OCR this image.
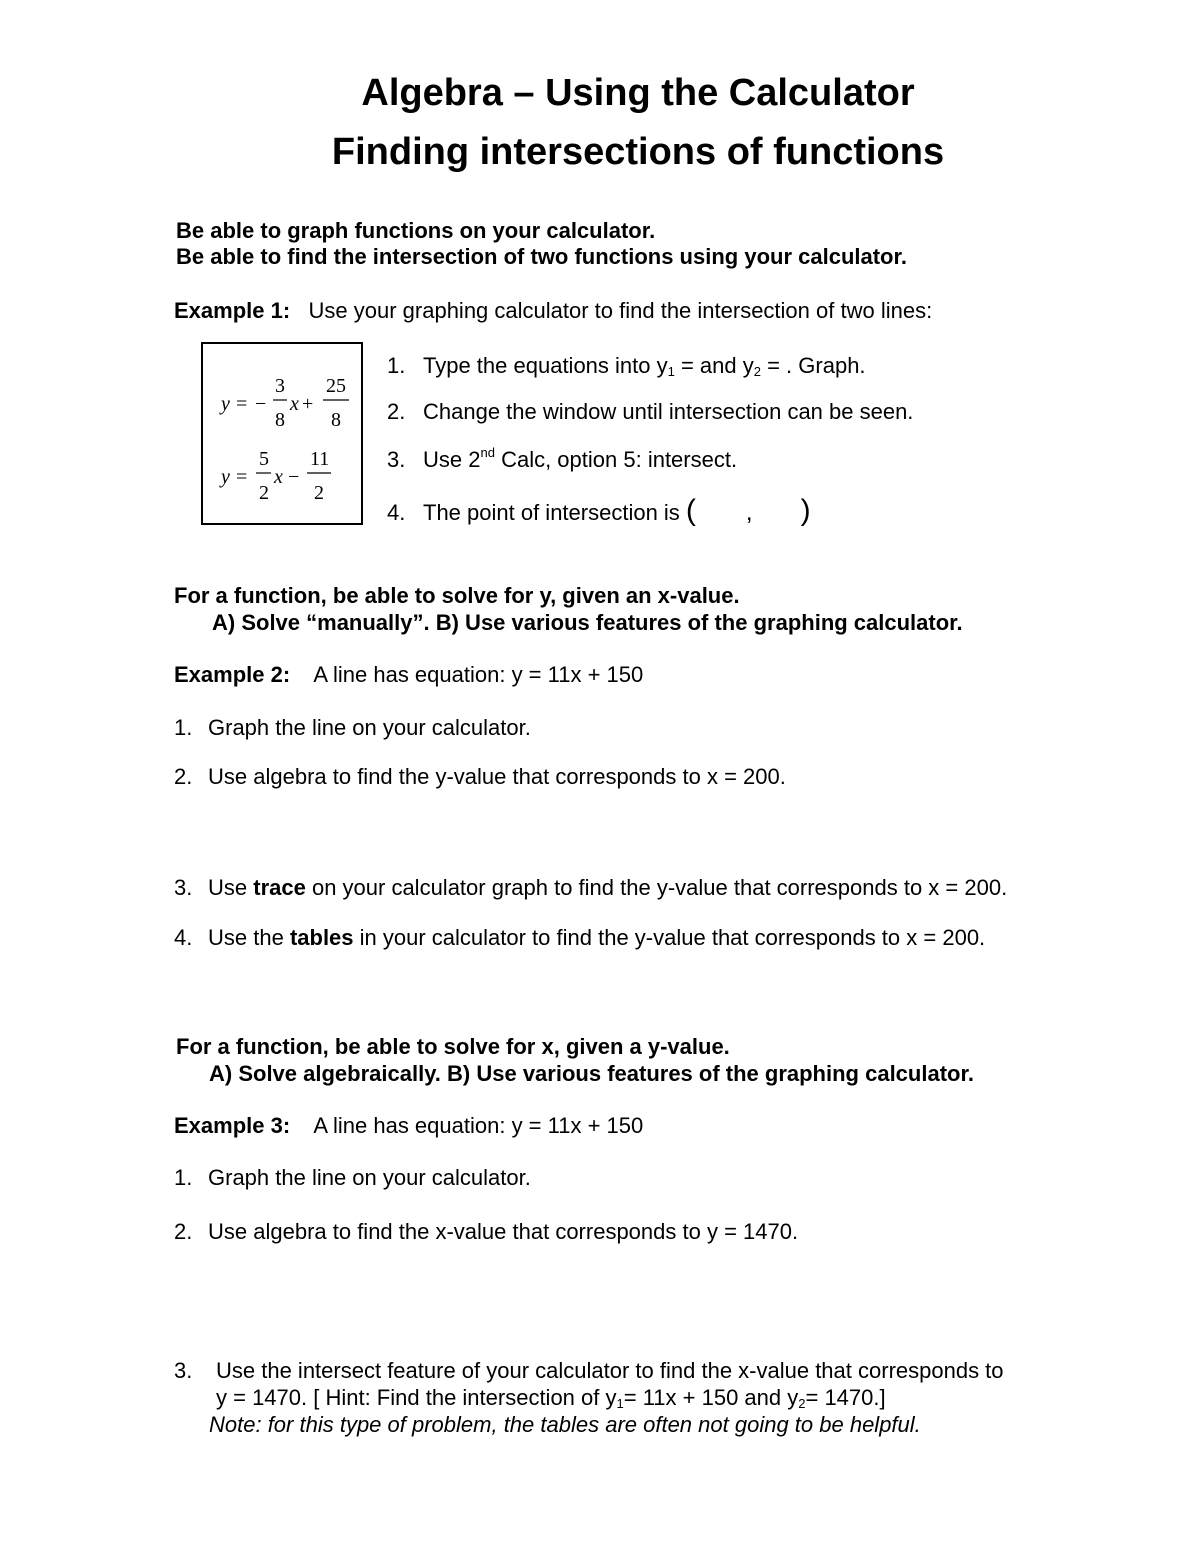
Algebra – Using the Calculator
Finding intersections of functions
Be able to graph functions on your calculator.
Be able to find the intersection of two functions using your calculator.
Example 1: Use your graphing calculator to find the intersection of two lines:
y = −
3
8
x +
25
8
y =
5
2
x −
11
2
1. Type the equations into $y_1$ = and $y_2$ = . Graph.
2. Change the window until intersection can be seen.
3. Use 2nd Calc, option 5: intersect.
4. The point of intersection is ( , )
For a function, be able to solve for y, given an x-value.
A) Solve “manually”. B) Use various features of the graphing calculator.
Example 2: A line has equation: y = 11x + 150
1. Graph the line on your calculator.
2. Use algebra to find the y-value that corresponds to x = 200.
3. Use trace on your calculator graph to find the y-value that corresponds to x = 200.
4. Use the tables in your calculator to find the y-value that corresponds to x = 200.
For a function, be able to solve for x, given a y-value.
A) Solve algebraically. B) Use various features of the graphing calculator.
Example 3: A line has equation: y = 11x + 150
1. Graph the line on your calculator.
2. Use algebra to find the x-value that corresponds to y = 1470.
3. Use the intersect feature of your calculator to find the x-value that corresponds to
y = 1470. [ Hint: Find the intersection of $y_1= 11x + 150$ and $y_2= 1470$.]
Note: for this type of problem, the tables are often not going to be helpful.
